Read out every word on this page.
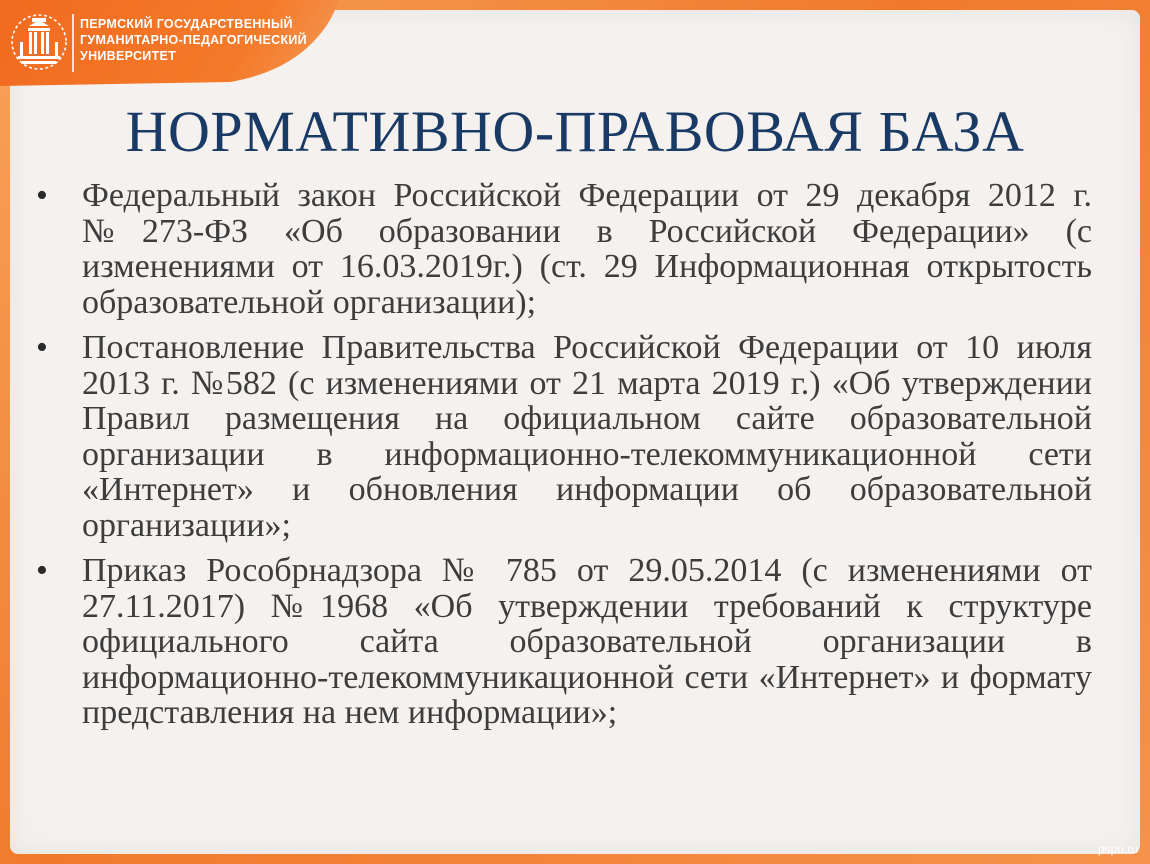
ПЕРМСКИЙ ГОСУДАРСТВЕННЫЙ
ГУМАНИТАРНО-ПЕДАГОГИЧЕСКИЙ
УНИВЕРСИТЕТ
НОРМАТИВНО-ПРАВОВАЯ БАЗА
• Федеральный закон Российской Федерации от 29 декабря 2012 г. №273-ФЗ «Об образовании в Российской Федерации» (с изменениями от 16.03.2019г.) (ст. 29 Информационная открытость образовательной организации);
• Постановление Правительства Российской Федерации от 10 июля 2013 г. №582 (с изменениями от 21 марта 2019 г.) «Об утверждении Правил размещения на официальном сайте образовательной организации в информационно-телекоммуникационной сети «Интернет» и обновления информации об образовательной организации»;
• Приказ Рособрнадзора № 785 от 29.05.2014 (с изменениями от 27.11.2017) №1968 «Об утверждении требований к структуре официального сайта образовательной организации в информационно-телекоммуникационной сети «Интернет» и формату представления на нем информации»;
pspu.ru
